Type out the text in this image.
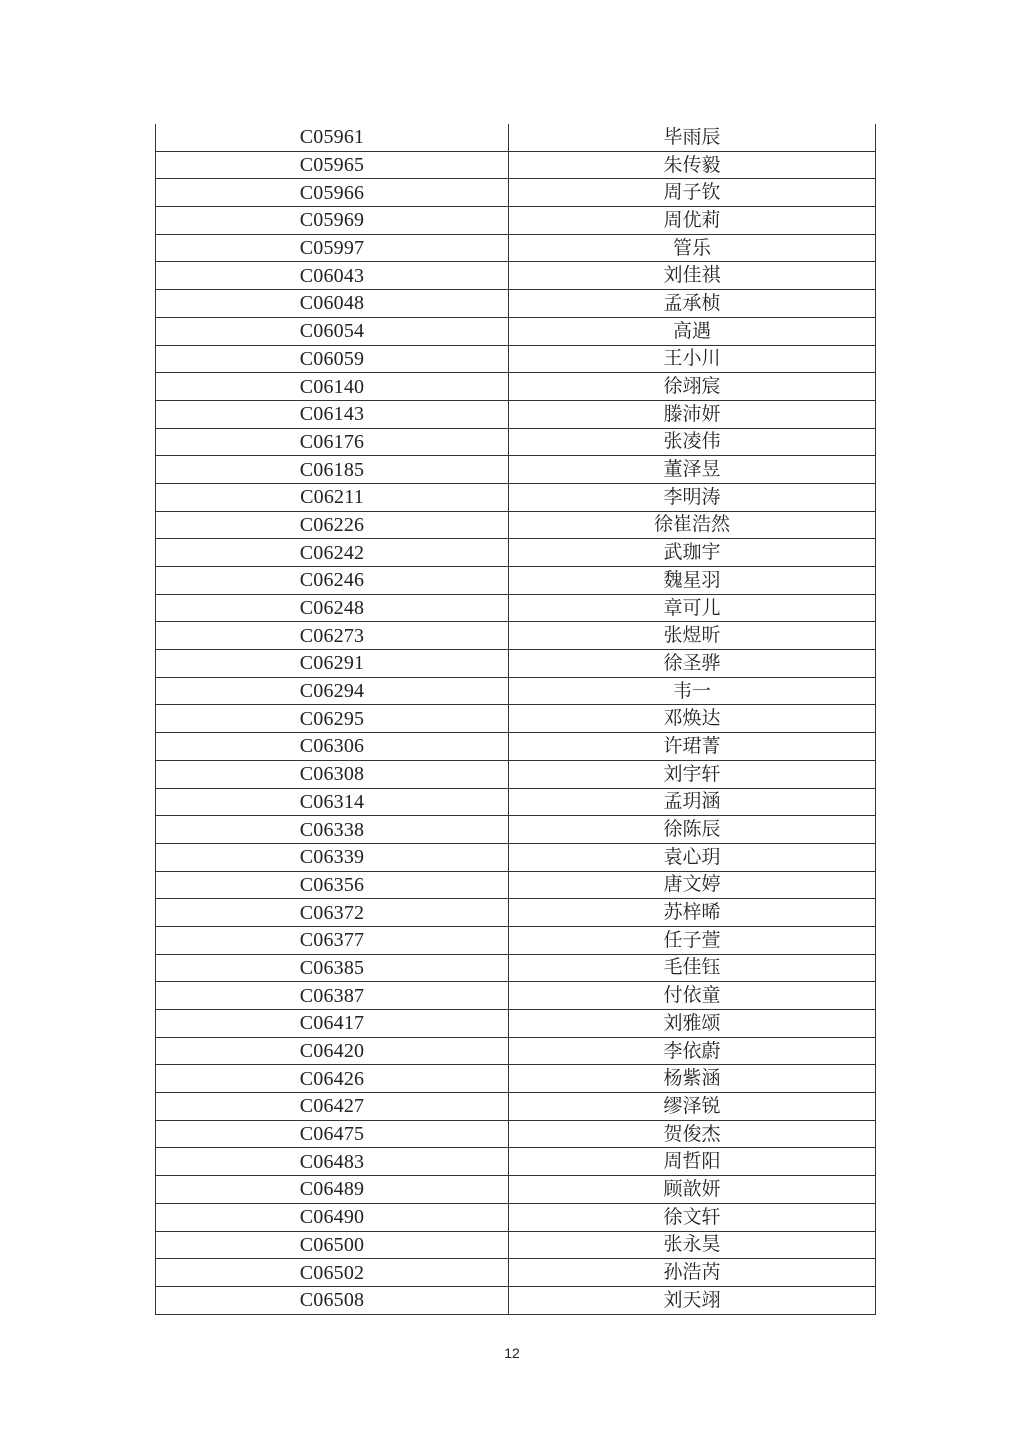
C05961	毕雨辰
C05965	朱传毅
C05966	周子钦
C05969	周优莉
C05997	管乐
C06043	刘佳祺
C06048	孟承桢
C06054	高遇
C06059	王小川
C06140	徐翊宸
C06143	滕沛妍
C06176	张凌伟
C06185	董泽昱
C06211	李明涛
C06226	徐崔浩然
C06242	武珈宇
C06246	魏星羽
C06248	章可儿
C06273	张煜昕
C06291	徐圣骅
C06294	韦一
C06295	邓焕达
C06306	许珺菁
C06308	刘宇轩
C06314	孟玥涵
C06338	徐陈辰
C06339	袁心玥
C06356	唐文婷
C06372	苏梓晞
C06377	任子萱
C06385	毛佳钰
C06387	付依童
C06417	刘雅颂
C06420	李依蔚
C06426	杨紫涵
C06427	缪泽锐
C06475	贺俊杰
C06483	周哲阳
C06489	顾歆妍
C06490	徐文轩
C06500	张永昊
C06502	孙浩芮
C06508	刘天翊
12
